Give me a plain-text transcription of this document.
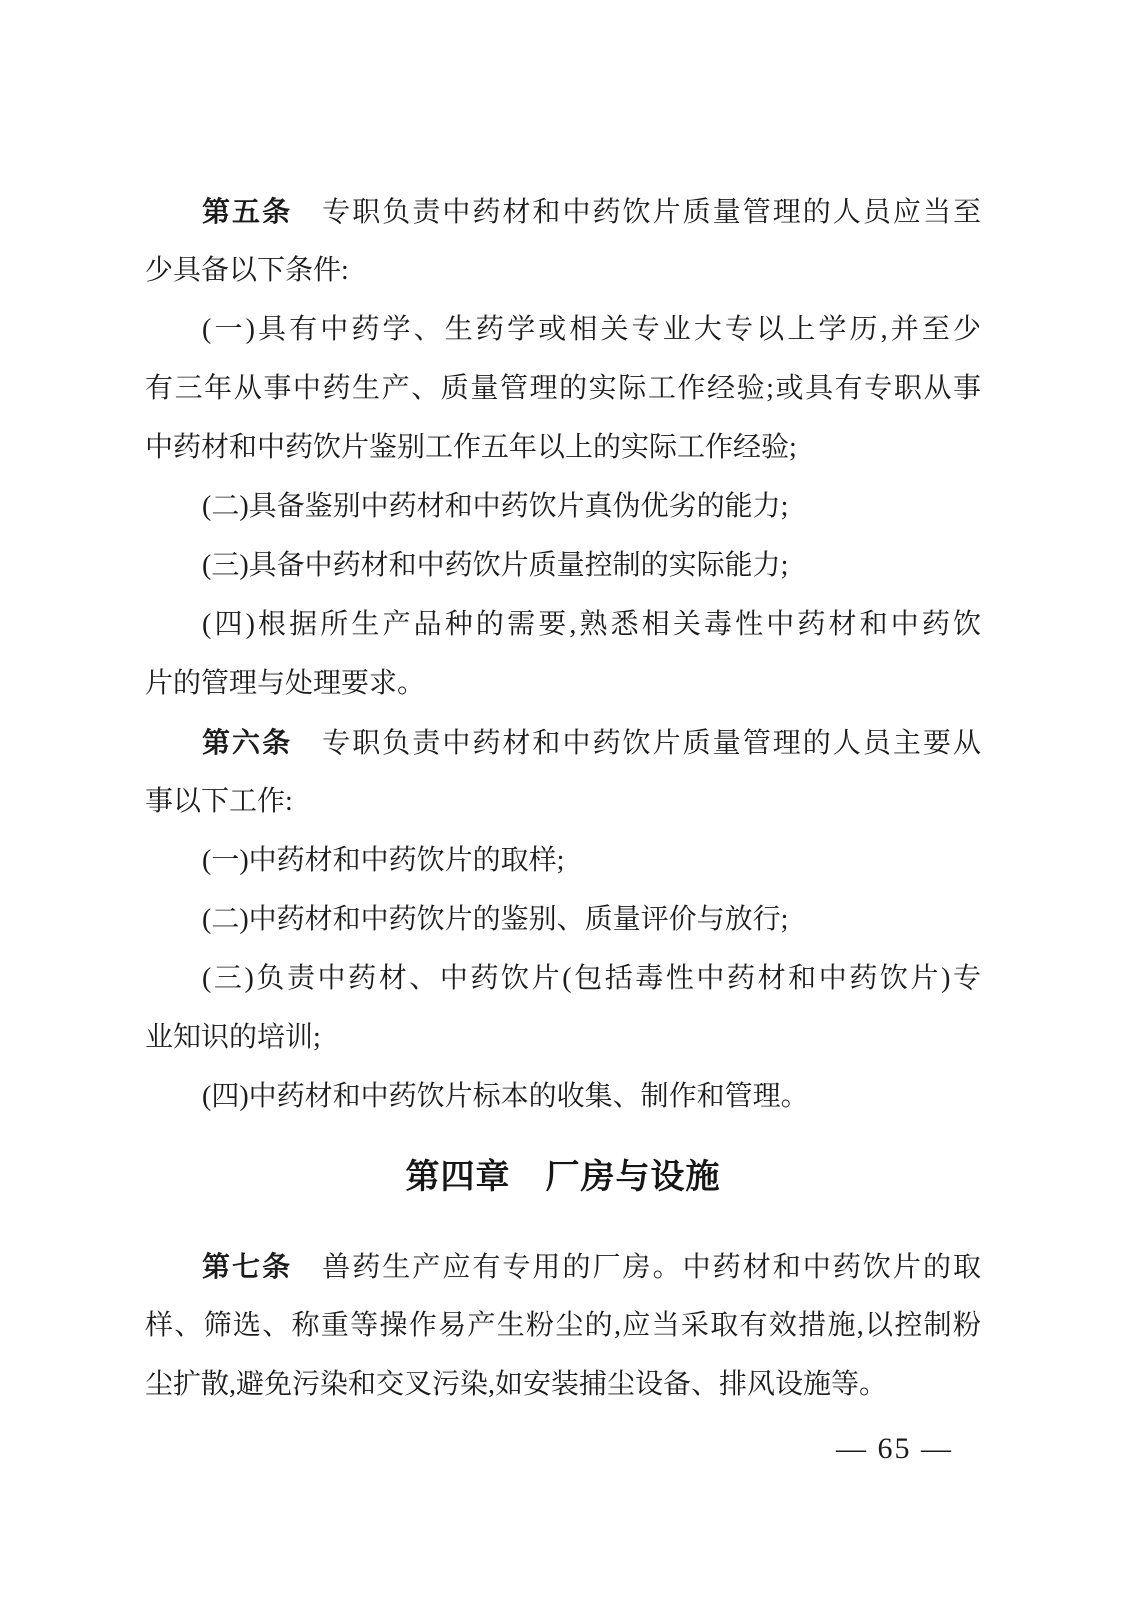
第五条　专职负责中药材和中药饮片质量管理的人员应当至
少具备以下条件:
(一)具有中药学、生药学或相关专业大专以上学历,并至少
有三年从事中药生产、质量管理的实际工作经验;或具有专职从事
中药材和中药饮片鉴别工作五年以上的实际工作经验;
(二)具备鉴别中药材和中药饮片真伪优劣的能力;
(三)具备中药材和中药饮片质量控制的实际能力;
(四)根据所生产品种的需要,熟悉相关毒性中药材和中药饮
片的管理与处理要求。
第六条　专职负责中药材和中药饮片质量管理的人员主要从
事以下工作:
(一)中药材和中药饮片的取样;
(二)中药材和中药饮片的鉴别、质量评价与放行;
(三)负责中药材、中药饮片(包括毒性中药材和中药饮片)专
业知识的培训;
(四)中药材和中药饮片标本的收集、制作和管理。
第四章　厂房与设施
第七条　兽药生产应有专用的厂房。中药材和中药饮片的取
样、筛选、称重等操作易产生粉尘的,应当采取有效措施,以控制粉
尘扩散,避免污染和交叉污染,如安装捕尘设备、排风设施等。
— 65 —
